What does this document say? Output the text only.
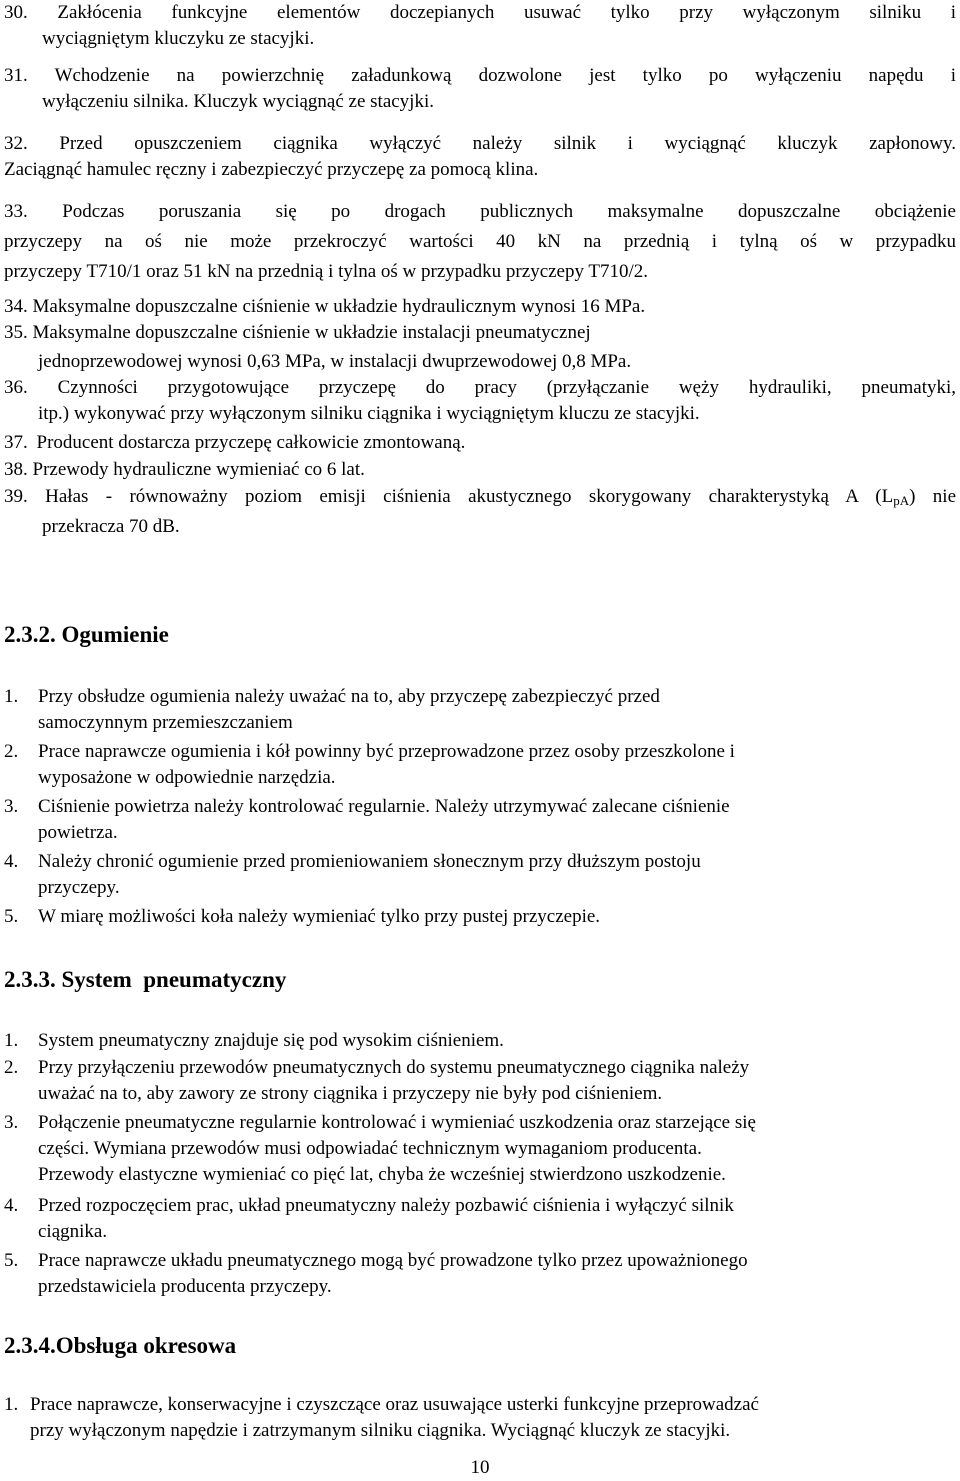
30. Zakłócenia funkcyjne elementów doczepianych usuwać tylko przy wyłączonym silniku i
wyciągniętym kluczyku ze stacyjki.
31. Wchodzenie na powierzchnię załadunkową dozwolone jest tylko po wyłączeniu napędu i
wyłączeniu silnika. Kluczyk wyciągnąć ze stacyjki.
32. Przed opuszczeniem ciągnika wyłączyć należy silnik i wyciągnąć kluczyk zapłonowy.
Zaciągnąć hamulec ręczny i zabezpieczyć przyczepę za pomocą klina.
33. Podczas poruszania się po drogach publicznych maksymalne dopuszczalne obciążenie
przyczepy na oś nie może przekroczyć wartości 40 kN na przednią i tylną oś w przypadku
przyczepy T710/1 oraz 51 kN na przednią i tylna oś w przypadku przyczepy T710/2.
34. Maksymalne dopuszczalne ciśnienie w układzie hydraulicznym wynosi 16 MPa.
35. Maksymalne dopuszczalne ciśnienie w układzie instalacji pneumatycznej
jednoprzewodowej wynosi 0,63 MPa, w instalacji dwuprzewodowej 0,8 MPa.
36. Czynności przygotowujące przyczepę do pracy (przyłączanie węży hydrauliki, pneumatyki,
itp.) wykonywać przy wyłączonym silniku ciągnika i wyciągniętym kluczu ze stacyjki.
37. Producent dostarcza przyczepę całkowicie zmontowaną.
38. Przewody hydrauliczne wymieniać co 6 lat.
39. Hałas - równoważny poziom emisji ciśnienia akustycznego skorygowany charakterystyką A $(L_{pA})$ nie
przekracza 70 dB.
2.3.2. Ogumienie
1. Przy obsłudze ogumienia należy uważać na to, aby przyczepę zabezpieczyć przed
samoczynnym przemieszczaniem
2. Prace naprawcze ogumienia i kół powinny być przeprowadzone przez osoby przeszkolone i
wyposażone w odpowiednie narzędzia.
3. Ciśnienie powietrza należy kontrolować regularnie. Należy utrzymywać zalecane ciśnienie
powietrza.
4. Należy chronić ogumienie przed promieniowaniem słonecznym przy dłuższym postoju
przyczepy.
5. W miarę możliwości koła należy wymieniać tylko przy pustej przyczepie.
2.3.3. System  pneumatyczny
1. System pneumatyczny znajduje się pod wysokim ciśnieniem.
2. Przy przyłączeniu przewodów pneumatycznych do systemu pneumatycznego ciągnika należy
uważać na to, aby zawory ze strony ciągnika i przyczepy nie były pod ciśnieniem.
3. Połączenie pneumatyczne regularnie kontrolować i wymieniać uszkodzenia oraz starzejące się
części. Wymiana przewodów musi odpowiadać technicznym wymaganiom producenta.
Przewody elastyczne wymieniać co pięć lat, chyba że wcześniej stwierdzono uszkodzenie.
4. Przed rozpoczęciem prac, układ pneumatyczny należy pozbawić ciśnienia i wyłączyć silnik
ciągnika.
5. Prace naprawcze układu pneumatycznego mogą być prowadzone tylko przez upoważnionego
przedstawiciela producenta przyczepy.
2.3.4.Obsługa okresowa
1. Prace naprawcze, konserwacyjne i czyszczące oraz usuwające usterki funkcyjne przeprowadzać
przy wyłączonym napędzie i zatrzymanym silniku ciągnika. Wyciągnąć kluczyk ze stacyjki.
10
